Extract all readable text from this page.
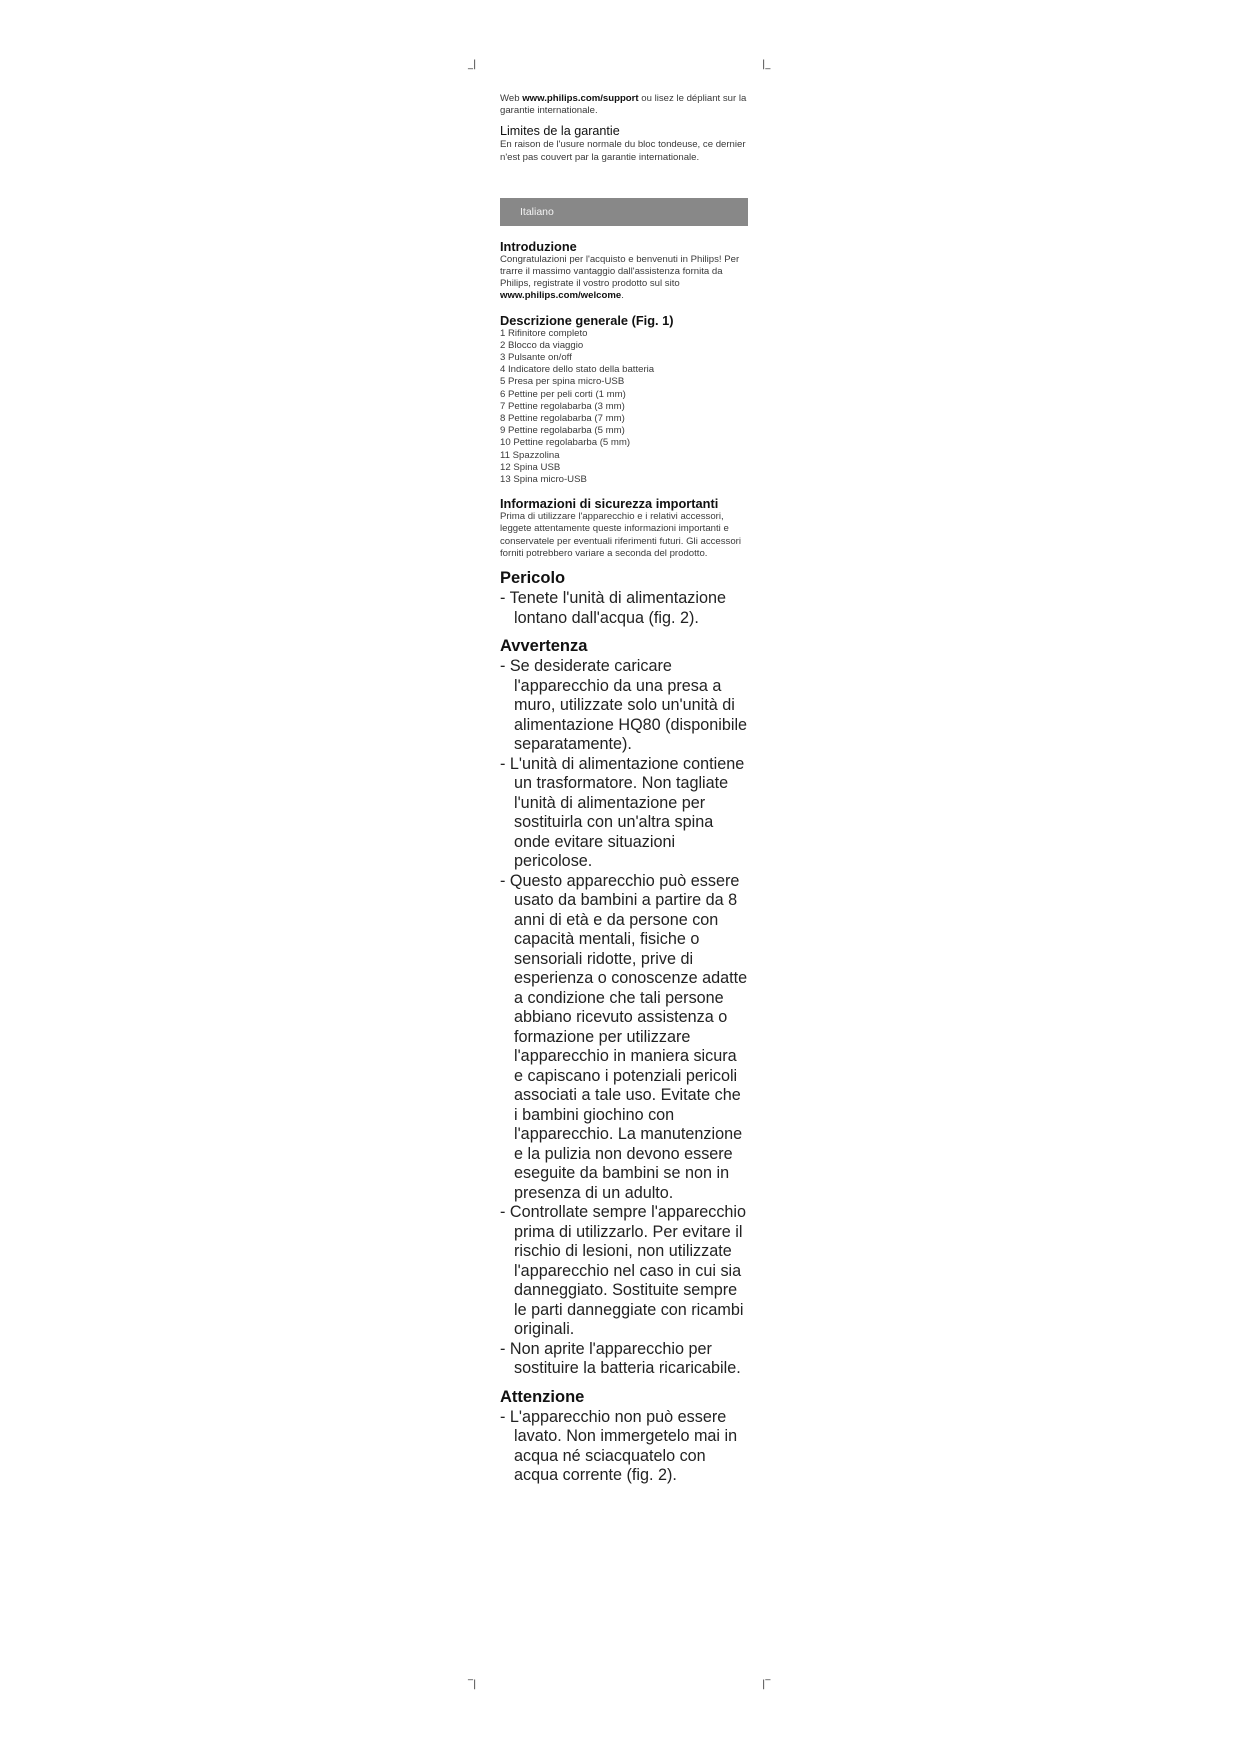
_|	|_
‾|	|‾

Web www.philips.com/support ou lisez le dépliant sur la garantie internationale.

Limites de la garantie

En raison de l'usure normale du bloc tondeuse, ce dernier n'est pas couvert par la garantie internationale.

Italiano
Introduzione

Congratulazioni per l'acquisto e benvenuti in Philips! Per trarre il massimo vantaggio dall'assistenza fornita da Philips, registrate il vostro prodotto sul sito www.philips.com/welcome.

Descrizione generale (Fig. 1)
1 Rifinitore completo
2 Blocco da viaggio
3 Pulsante on/off
4 Indicatore dello stato della batteria
5 Presa per spina micro-USB
6 Pettine per peli corti (1 mm)
7 Pettine regolabarba (3 mm)
8 Pettine regolabarba (7 mm)
9 Pettine regolabarba (5 mm)
10 Pettine regolabarba (5 mm)
11 Spazzolina
12 Spina USB
13 Spina micro-USB
Informazioni di sicurezza importanti

Prima di utilizzare l'apparecchio e i relativi accessori, leggete attentamente queste informazioni importanti e conservatele per eventuali riferimenti futuri. Gli accessori forniti potrebbero variare a seconda del prodotto.

Pericolo
- Tenete l'unità di alimentazione lontano dall'acqua (fig. 2).
Avvertenza
- Se desiderate caricare l'apparecchio da una presa a muro, utilizzate solo un'unità di alimentazione HQ80 (disponibile separatamente).
- L'unità di alimentazione contiene un trasformatore. Non tagliate l'unità di alimentazione per sostituirla con un'altra spina onde evitare situazioni pericolose.
- Questo apparecchio può essere usato da bambini a partire da 8 anni di età e da persone con capacità mentali, fisiche o sensoriali ridotte, prive di esperienza o conoscenze adatte a condizione che tali persone abbiano ricevuto assistenza o formazione per utilizzare l'apparecchio in maniera sicura e capiscano i potenziali pericoli associati a tale uso. Evitate che i bambini giochino con l'apparecchio. La manutenzione e la pulizia non devono essere eseguite da bambini se non in presenza di un adulto.
- Controllate sempre l'apparecchio prima di utilizzarlo. Per evitare il rischio di lesioni, non utilizzate l'apparecchio nel caso in cui sia danneggiato. Sostituite sempre le parti danneggiate con ricambi originali.
- Non aprite l'apparecchio per sostituire la batteria ricaricabile.
Attenzione
- L'apparecchio non può essere lavato. Non immergetelo mai in acqua né sciacquatelo con acqua corrente (fig. 2).
